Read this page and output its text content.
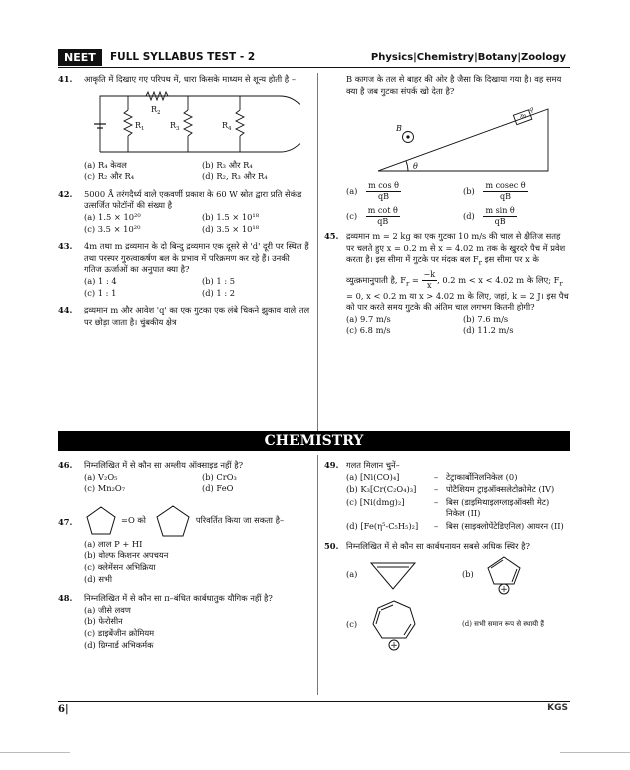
NEET	FULL SYLLABUS TEST - 2	Physics|Chemistry|Botany|Zoology
41. आकृति में दिखाए गए परिपथ में, धारा किसके माध्यम से शून्य होती है –
$R_2$
$R_1$	$R_3$	$R_4$
(a) R₄ केवल	(b) R₃ और R₄
(c) R₂ और R₄	(d) R₂, R₃ और R₄
42. 5000 Å तरंगदैर्ध्य वाले एकवर्णी प्रकाश के 60 W स्रोत द्वारा प्रति सेकंड उत्सर्जित फोटॉनों की संख्या है
(a) 1.5 × 10²⁰	(b) 1.5 × 10¹⁸
(c) 3.5 × 10²⁰	(d) 3.5 × 10¹⁸
43. 4m तथा m द्रव्यमान के दो बिन्दु द्रव्यमान एक दूसरे से 'd' दूरी पर स्थित हैं तथा परस्पर गुरुत्वाकर्षण बल के प्रभाव में परिक्रमण कर रहे हैं। उनकी गतिज ऊर्जाओं का अनुपात क्या है?
(a) 1 : 4	(b) 1 : 5
(c) 1 : 1	(d) 1 : 2
44. द्रव्यमान m और आवेश 'q' का एक गुटका एक लंबे चिकने झुकाव वाले तल पर छोड़ा जाता है। चुंबकीय क्षेत्र
B कागज के तल से बाहर की ओर है जैसा कि दिखाया गया है। वह समय क्या है जब गुटका संपर्क खो देता है?
B
θ
m
q
$(a) \frac{\text{m cos θ}}{qB}$	$(b) \frac{\text{m cosec θ}}{qB}$
$(c) \frac{\text{m cot θ}}{qB}$	$(d) \frac{\text{m sin θ}}{qB}$
45. द्रव्यमान m = 2 kg का एक गुटका 10 m/s की चाल से क्षैतिज सतह पर चलते हुए x = 0.2 m से x = 4.02 m तक के खुरदरे पैच में प्रवेश करता है। इस सीमा में गुटके पर मंदक बल $F_r$ इस सीमा पर x के व्युत्क्रमानुपाती है, $F_r = \frac{-k}{x}$ , 0.2 m < x < 4.02 m के लिए; $F_r = 0$, x < 0.2 m या x > 4.02 m के लिए, जहां, k = 2 J। इस पैच को पार करते समय गुटके की अंतिम चाल लगभग कितनी होगी?
(a) 9.7 m/s	(b) 7.6 m/s
(c) 6.8 m/s	(d) 11.2 m/s
CHEMISTRY
46. निम्नलिखित में से कौन सा अम्लीय ऑक्साइड नहीं है?
(a) V₂O₅	(b) CrO₃
(c) Mn₂O₇	(d) FeO
47.	=O को	परिवर्तित किया जा सकता है–
(a) लाल P + HI
(b) वोल्फ किशनर अपचयन
(c) क्लेमेंसन अभिक्रिया
(d) सभी
48. निम्नलिखित में से कौन सा π–बंधित कार्बधातुक यौगिक नहीं है?
(a) जीसे लवण
(b) फेरोसीन
(c) डाइबेंजीन क्रोमियम
(d) ग्रिग्नार्ड अभिकर्मक
49. गलत मिलान चुनें–
(a) [Ni(CO)₄]	– टेट्राकार्बोनिलनिकेल (0)
(b) K₃[Cr(C₂O₄)₃]	– पोटैशियम ट्राइऑक्सलेटोक्रोमेट (IV)
(c) [Ni(dmg)₂]	– बिस (डाइमिथाइलग्लाइऑक्सी मेट) निकेल (II)
(d) [Fe(η⁵-C₅H₅)₂]	– बिस (साइक्लोपेंटेडिएनिल) आयरन (II)
50. निम्नलिखित में से कौन सा कार्बधनायन सबसे अधिक स्थिर है?
(a)	(b)
+
(c)
+
(d) सभी समान रूप से स्थायी हैं
6|	KGS
